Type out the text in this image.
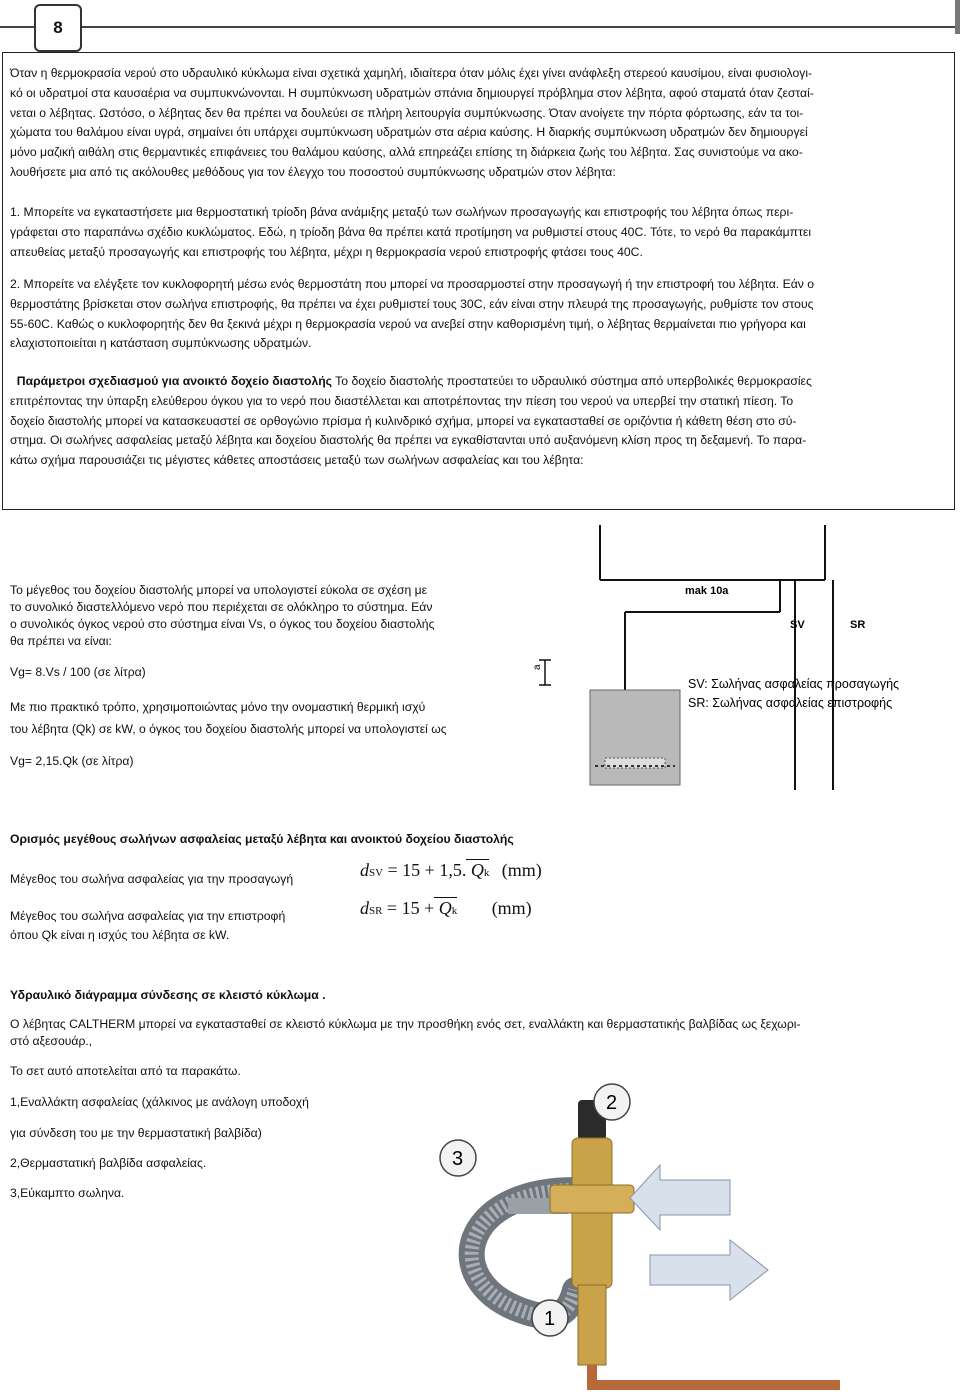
8
Όταν η θερμοκρασία νερού στο υδραυλικό κύκλωμα είναι σχετικά χαμηλή, ιδιαίτερα όταν μόλις έχει γίνει ανάφλεξη στερεού καυσίμου, είναι φυσιολογι-
κό οι υδρατμοί στα καυσαέρια να συμπυκνώνονται. Η συμπύκνωση υδρατμών σπάνια δημιουργεί πρόβλημα στον λέβητα, αφού σταματά όταν ζεσταί-
νεται ο λέβητας. Ωστόσο, ο λέβητας δεν θα πρέπει να δουλεύει σε πλήρη λειτουργία συμπύκνωσης. Όταν ανοίγετε την πόρτα φόρτωσης, εάν τα τοι-
χώματα του θαλάμου είναι υγρά, σημαίνει ότι υπάρχει συμπύκνωση υδρατμών στα αέρια καύσης. Η διαρκής συμπύκνωση υδρατμών δεν δημιουργεί
μόνο μαζική αιθάλη στις θερμαντικές επιφάνειες του θαλάμου καύσης, αλλά επηρεάζει επίσης τη διάρκεια ζωής του λέβητα. Σας συνιστούμε να ακο-
λουθήσετε μια από τις ακόλουθες μεθόδους για τον έλεγχο του ποσοστού συμπύκνωσης υδρατμών στον λέβητα:
1. Μπορείτε να εγκαταστήσετε μια θερμοστατική τρίοδη βάνα ανάμιξης μεταξύ των σωλήνων προσαγωγής και επιστροφής του λέβητα όπως περι-
γράφεται στο παραπάνω σχέδιο κυκλώματος. Εδώ, η τρίοδη βάνα θα πρέπει κατά προτίμηση να ρυθμιστεί στους 40C. Τότε, το νερό θα παρακάμπτει
απευθείας μεταξύ προσαγωγής και επιστροφής του λέβητα, μέχρι η θερμοκρασία νερού επιστροφής φτάσει τους 40C.
2. Μπορείτε να ελέγξετε τον κυκλοφορητή μέσω ενός θερμοστάτη που μπορεί να προσαρμοστεί στην προσαγωγή ή την επιστροφή του λέβητα. Εάν ο
θερμοστάτης βρίσκεται στον σωλήνα επιστροφής, θα πρέπει να έχει ρυθμιστεί τους 30C, εάν είναι στην πλευρά της προσαγωγής, ρυθμίστε τον στους
55-60C. Καθώς ο κυκλοφορητής δεν θα ξεκινά μέχρι η θερμοκρασία νερού να ανεβεί στην καθορισμένη τιμή, ο λέβητας θερμαίνεται πιο γρήγορα και
ελαχιστοποιείται η κατάσταση συμπύκνωσης υδρατμών.
Παράμετροι σχεδιασμού για ανοικτό δοχείο διαστολής Το δοχείο διαστολής προστατεύει το υδραυλικό σύστημα από υπερβολικές θερμοκρασίες
επιτρέποντας την ύπαρξη ελεύθερου όγκου για το νερό που διαστέλλεται και αποτρέποντας την πίεση του νερού να υπερβεί την στατική πίεση. Το
δοχείο διαστολής μπορεί να κατασκευαστεί σε ορθογώνιο πρίσμα ή κυλινδρικό σχήμα, μπορεί να εγκατασταθεί σε οριζόντια ή κάθετη θέση στο σύ-
στημα. Οι σωλήνες ασφαλείας μεταξύ λέβητα και δοχείου διαστολής θα πρέπει να εγκαθίστανται υπό αυξανόμενη κλίση προς τη δεξαμενή. Το παρα-
κάτω σχήμα παρουσιάζει τις μέγιστες κάθετες αποστάσεις μεταξύ των σωλήνων ασφαλείας και του λέβητα:
Το μέγεθος του δοχείου διαστολής μπορεί να υπολογιστεί εύκολα σε σχέση με
το συνολικό διαστελλόμενο νερό που περιέχεται σε ολόκληρο το σύστημα. Εάν
ο συνολικός όγκος νερού στο σύστημα είναι Vs, ο όγκος του δοχείου διαστολής
θα πρέπει να είναι:
Vg= 8.Vs / 100 (σε λίτρα)
Με πιο πρακτικό τρόπο, χρησιμοποιώντας μόνο την ονομαστική θερμική ισχύ
του λέβητα (Qk) σε kW, ο όγκος του δοχείου διαστολής μπορεί να υπολογιστεί ως
Vg= 2,15.Qk (σε λίτρα)
mak 10a
SV	SR
a
SV: Σωλήνας ασφαλείας προσαγωγής
SR: Σωλήνας ασφαλείας επιστροφής
Ορισμός μεγέθους σωλήνων ασφαλείας μεταξύ λέβητα και ανοικτού δοχείου διαστολής
Μέγεθος του σωλήνα ασφαλείας για την προσαγωγή
Μέγεθος του σωλήνα ασφαλείας για την επιστροφή
όπου Qk είναι η ισχύς του λέβητα σε kW.
dSV = 15 + 1,5. Qk (mm)
dSR = 15 + Qk (mm)
Υδραυλικό διάγραμμα σύνδεσης σε κλειστό κύκλωμα .
Ο λέβητας CALTHERM μπορεί να εγκατασταθεί σε κλειστό κύκλωμα με την προσθήκη ενός σετ, εναλλάκτη και θερμαστατικής βαλβίδας ως ξεχωρι-
στό αξεσουάρ.,
Το σετ αυτό αποτελείται από τα παρακάτω.
1,Εναλλάκτη ασφαλείας (χάλκινος με ανάλογη υποδοχή
για σύνδεση του με την θερμαστατική βαλβίδα)
2,Θερμαστατική βαλβίδα ασφαλείας.
3,Εύκαμπτο σωληνα.
1
2
3
